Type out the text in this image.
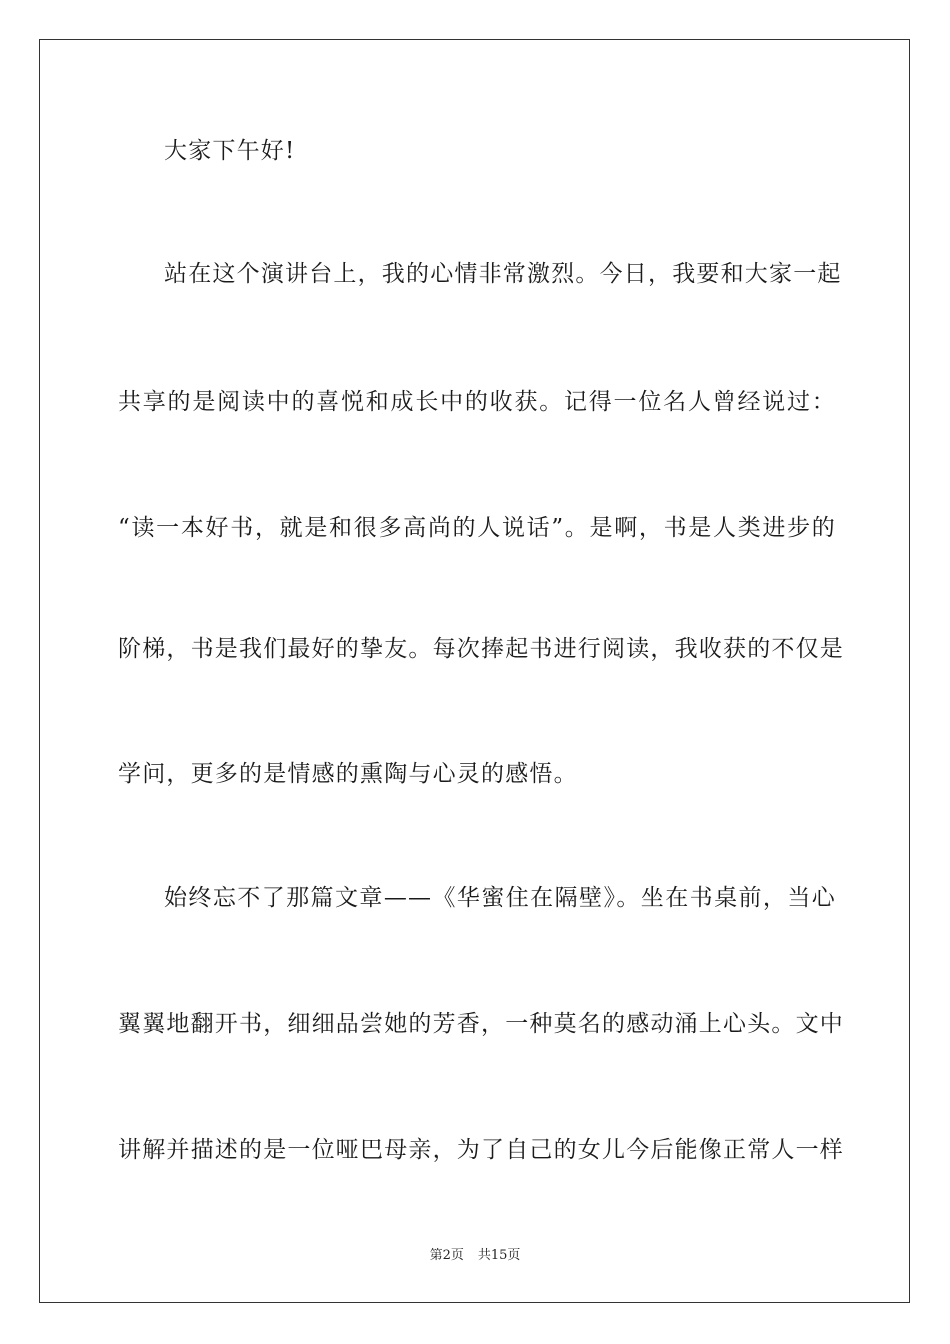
大家下午好!
站在这个演讲台上，我的心情非常激烈。今日，我要和大家一起
共享的是阅读中的喜悦和成长中的收获。记得一位名人曾经说过：
“读一本好书，就是和很多高尚的人说话”。是啊，书是人类进步的
阶梯，书是我们最好的挚友。每次捧起书进行阅读，我收获的不仅是
学问，更多的是情感的熏陶与心灵的感悟。
始终忘不了那篇文章——《华蜜住在隔壁》。坐在书桌前，当心
翼翼地翻开书，细细品尝她的芳香，一种莫名的感动涌上心头。文中
讲解并描述的是一位哑巴母亲，为了自己的女儿今后能像正常人一样
第2页 共15页
